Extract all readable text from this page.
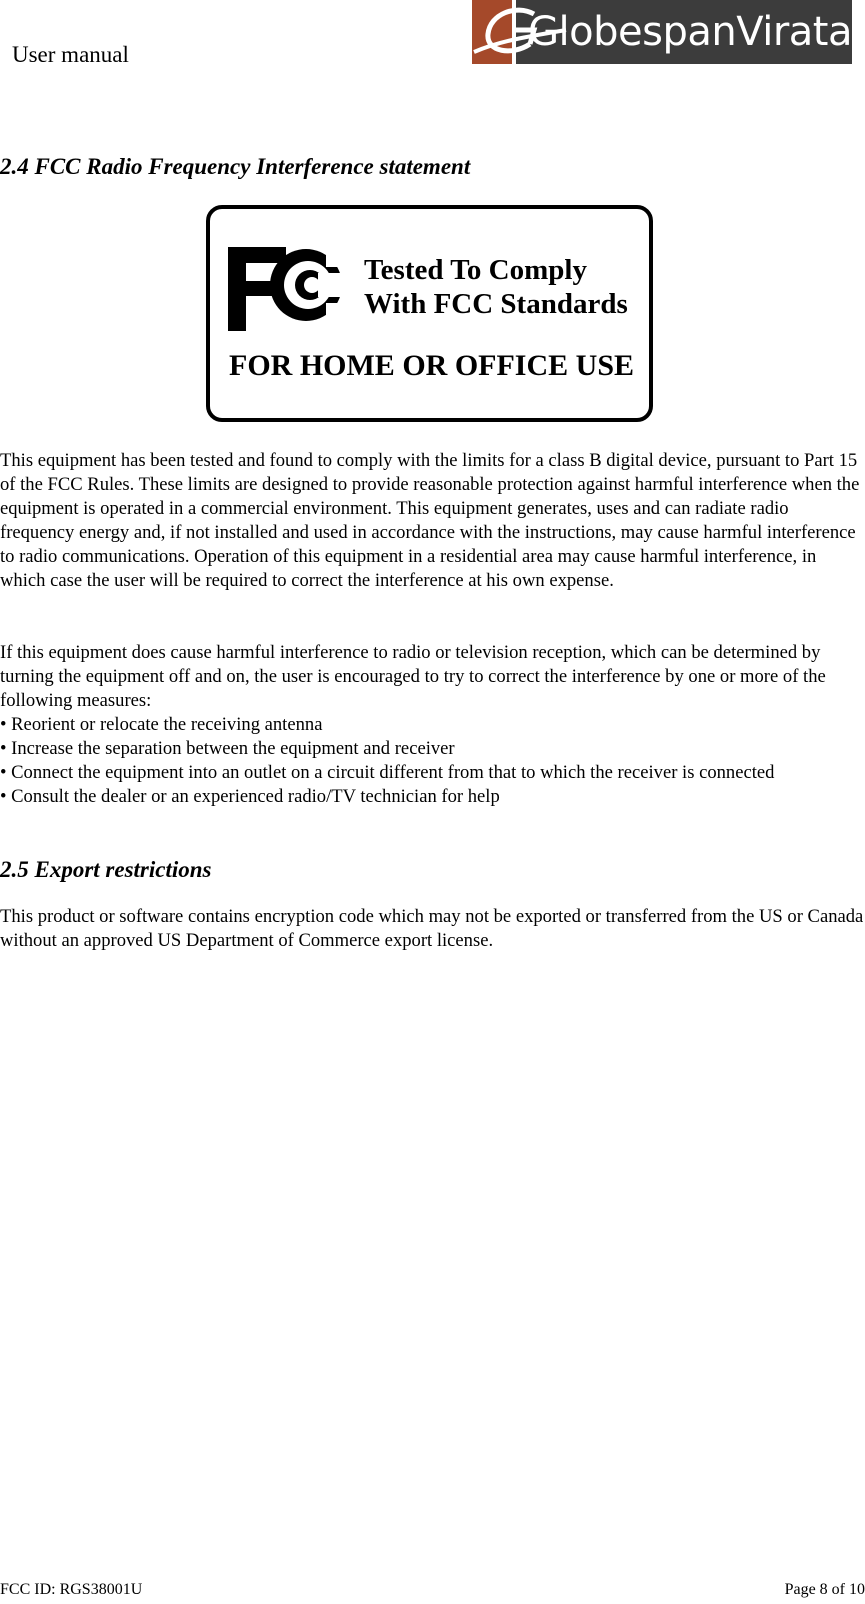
User manual	GlobespanVirata
2.4 FCC Radio Frequency Interference statement
Tested To Comply
With FCC Standards
FOR HOME OR OFFICE USE

This equipment has been tested and found to comply with the limits for a class B digital device, pursuant to Part 15 of the FCC Rules. These limits are designed to provide reasonable protection against harmful interference when the equipment is operated in a commercial environment. This equipment generates, uses and can radiate radio frequency energy and, if not installed and used in accordance with the instructions, may cause harmful interference to radio communications. Operation of this equipment in a residential area may cause harmful interference, in which case the user will be required to correct the interference at his own expense.

If this equipment does cause harmful interference to radio or television reception, which can be determined by turning the equipment off and on, the user is encouraged to try to correct the interference by one or more of the following measures:
• Reorient or relocate the receiving antenna
• Increase the separation between the equipment and receiver
• Connect the equipment into an outlet on a circuit different from that to which the receiver is connected
• Consult the dealer or an experienced radio/TV technician for help
2.5 Export restrictions

This product or software contains encryption code which may not be exported or transferred from the US or Canada without an approved US Department of Commerce export license.

FCC ID: RGS38001U	Page 8 of 10
